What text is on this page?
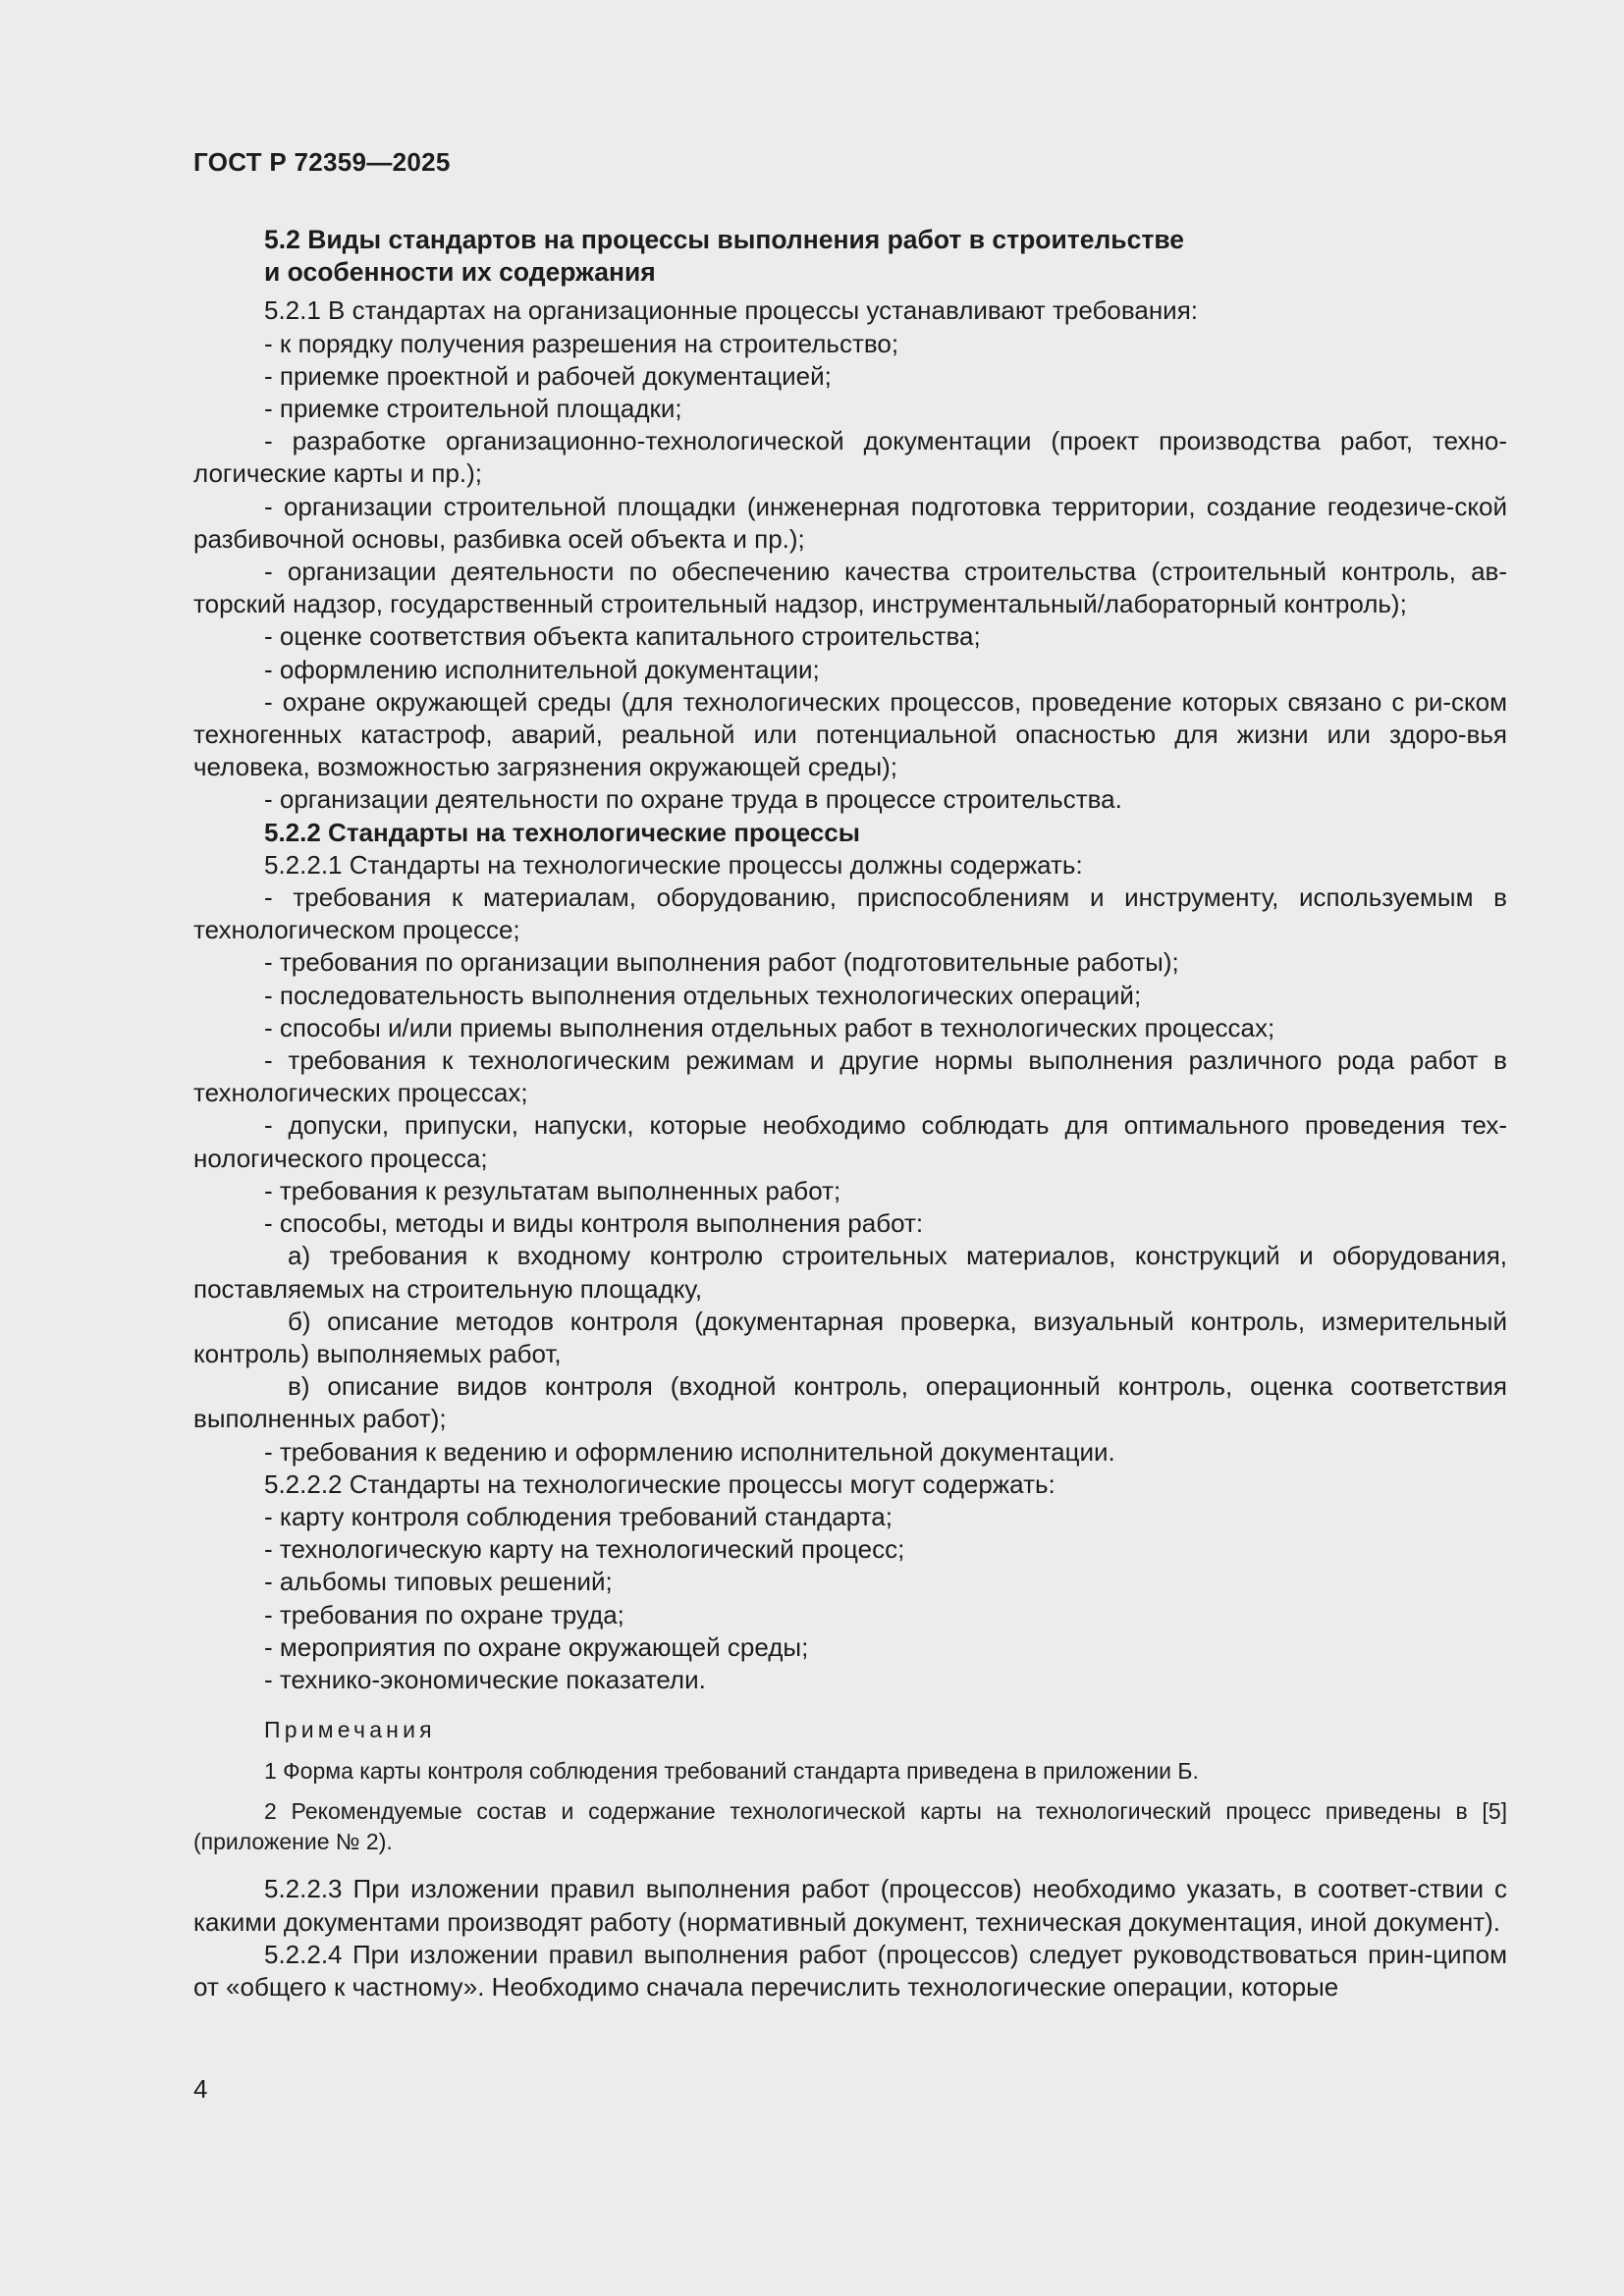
ГОСТ Р 72359—2025

5.2 Виды стандартов на процессы выполнения работ в строительстве

и особенности их содержания

5.2.1 В стандартах на организационные процессы устанавливают требования:

- к порядку получения разрешения на строительство;

- приемке проектной и рабочей документацией;

- приемке строительной площадки;

- разработке организационно-технологической документации (проект производства работ, техно-логические карты и пр.);

- организации строительной площадки (инженерная подготовка территории, создание геодезиче-ской разбивочной основы, разбивка осей объекта и пр.);

- организации деятельности по обеспечению качества строительства (строительный контроль, ав-торский надзор, государственный строительный надзор, инструментальный/лабораторный контроль);

- оценке соответствия объекта капитального строительства;

- оформлению исполнительной документации;

- охране окружающей среды (для технологических процессов, проведение которых связано с ри-ском техногенных катастроф, аварий, реальной или потенциальной опасностью для жизни или здоро-вья человека, возможностью загрязнения окружающей среды);

- организации деятельности по охране труда в процессе строительства.

5.2.2 Стандарты на технологические процессы

5.2.2.1 Стандарты на технологические процессы должны содержать:

- требования к материалам, оборудованию, приспособлениям и инструменту, используемым в технологическом процессе;

- требования по организации выполнения работ (подготовительные работы);

- последовательность выполнения отдельных технологических операций;

- способы и/или приемы выполнения отдельных работ в технологических процессах;

- требования к технологическим режимам и другие нормы выполнения различного рода работ в технологических процессах;

- допуски, припуски, напуски, которые необходимо соблюдать для оптимального проведения тех-нологического процесса;

- требования к результатам выполненных работ;

- способы, методы и виды контроля выполнения работ:

а) требования к входному контролю строительных материалов, конструкций и оборудования, поставляемых на строительную площадку,

б) описание методов контроля (документарная проверка, визуальный контроль, измерительный контроль) выполняемых работ,

в) описание видов контроля (входной контроль, операционный контроль, оценка соответствия выполненных работ);

- требования к ведению и оформлению исполнительной документации.

5.2.2.2 Стандарты на технологические процессы могут содержать:

- карту контроля соблюдения требований стандарта;

- технологическую карту на технологический процесс;

- альбомы типовых решений;

- требования по охране труда;

- мероприятия по охране окружающей среды;

- технико-экономические показатели.

Примечания

1 Форма карты контроля соблюдения требований стандарта приведена в приложении Б.

2 Рекомендуемые состав и содержание технологической карты на технологический процесс приведены в [5] (приложение № 2).

5.2.2.3 При изложении правил выполнения работ (процессов) необходимо указать, в соответ-ствии с какими документами производят работу (нормативный документ, техническая документация, иной документ).

5.2.2.4 При изложении правил выполнения работ (процессов) следует руководствоваться прин-ципом от «общего к частному». Необходимо сначала перечислить технологические операции, которые

4
